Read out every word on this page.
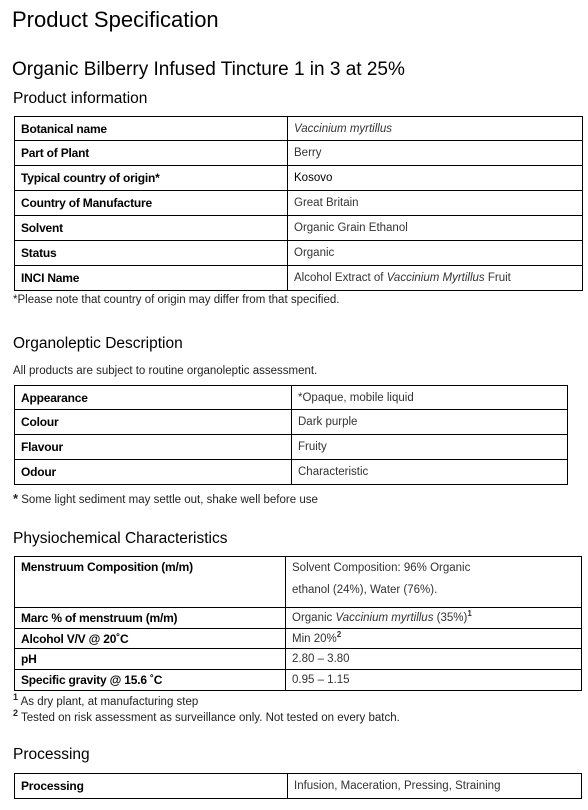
Product Specification
Organic Bilberry Infused Tincture 1 in 3 at 25%
Product information
Botanical name	Vaccinium myrtillus
Part of Plant	Berry
Typical country of origin*	Kosovo
Country of Manufacture	Great Britain
Solvent	Organic Grain Ethanol
Status	Organic
INCI Name	Alcohol Extract of Vaccinium Myrtillus Fruit
*Please note that country of origin may differ from that specified.
Organoleptic Description
All products are subject to routine organoleptic assessment.
Appearance	*Opaque, mobile liquid
Colour	Dark purple
Flavour	Fruity
Odour	Characteristic
* Some light sediment may settle out, shake well before use
Physiochemical Characteristics
Menstruum Composition (m/m)	Solvent Composition: 96% Organic
ethanol (24%), Water (76%).

Marc % of menstruum (m/m)	Organic Vaccinium myrtillus $(35\%)^1$
Alcohol V/V @ 20˚C	Min 20%$^2$
pH	2.80 – 3.80
Specific gravity @ 15.6 ˚C	0.95 – 1.15
$^1$ As dry plant, at manufacturing step
$^2$ Tested on risk assessment as surveillance only. Not tested on every batch.
Processing
Processing	Infusion, Maceration, Pressing, Straining
